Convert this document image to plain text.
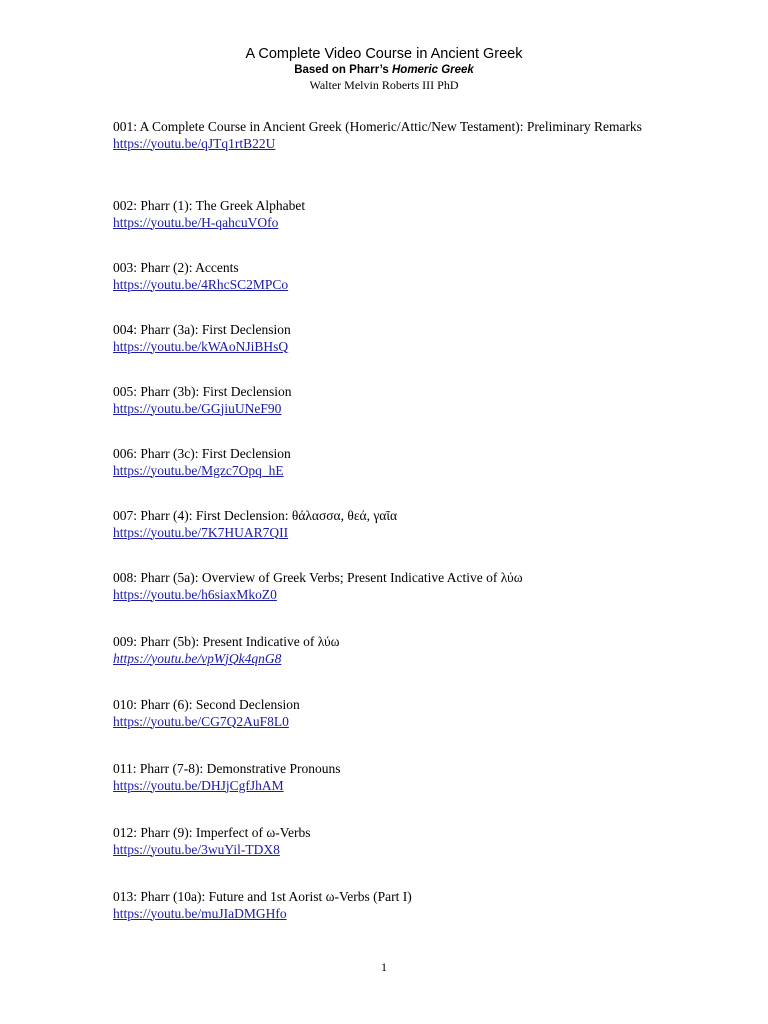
A Complete Video Course in Ancient Greek
Based on Pharr’s Homeric Greek
Walter Melvin Roberts III PhD
001: A Complete Course in Ancient Greek (Homeric/Attic/New Testament): Preliminary Remarks
https://youtu.be/qJTq1rtB22U
002: Pharr (1): The Greek Alphabet
https://youtu.be/H-qahcuVOfo
003: Pharr (2): Accents
https://youtu.be/4RhcSC2MPCo
004: Pharr (3a): First Declension
https://youtu.be/kWAoNJiBHsQ
005: Pharr (3b): First Declension
https://youtu.be/GGjiuUNeF90
006: Pharr (3c): First Declension
https://youtu.be/Mgzc7Opq_hE
007: Pharr (4): First Declension: θάλασσα, θεά, γαῖα
https://youtu.be/7K7HUAR7QII
008: Pharr (5a): Overview of Greek Verbs; Present Indicative Active of λύω
https://youtu.be/h6siaxMkoZ0
009: Pharr (5b): Present Indicative of λύω
https://youtu.be/vpWjQk4qnG8
010: Pharr (6): Second Declension
https://youtu.be/CG7Q2AuF8L0
011: Pharr (7-8): Demonstrative Pronouns
https://youtu.be/DHJjCgfJhAM
012: Pharr (9): Imperfect of ω-Verbs
https://youtu.be/3wuYil-TDX8
013: Pharr (10a): Future and 1st Aorist ω-Verbs (Part I)
https://youtu.be/muJIaDMGHfo
1
